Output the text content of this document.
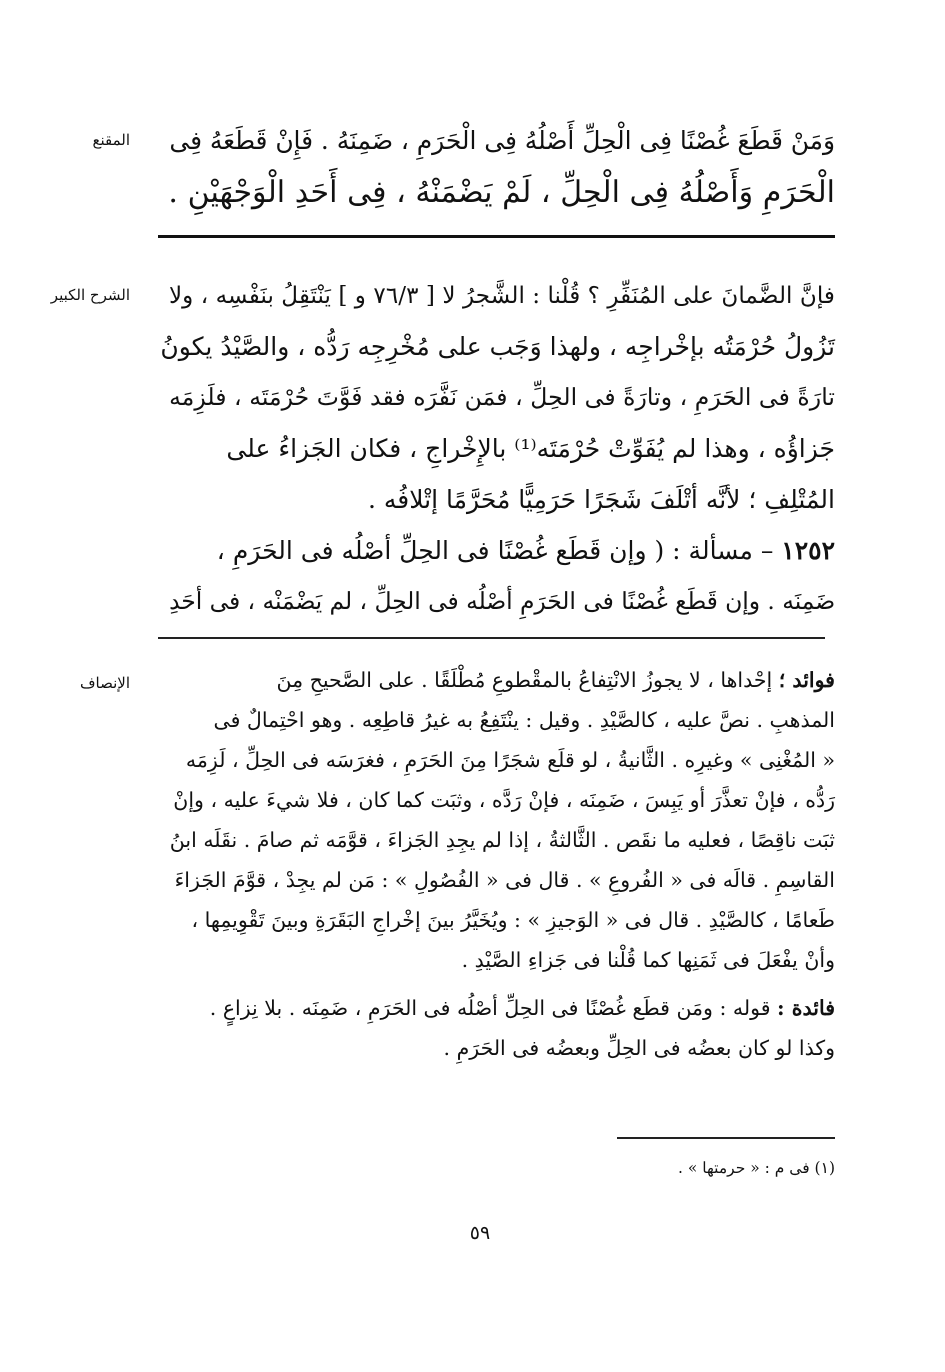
المقنع	وَمَنْ قَطَعَ غُصْنًا فِى الْحِلِّ أَصْلُهُ فِى الْحَرَمِ ، ضَمِنَهُ . فَإِنْ قَطَعَهُ فِى
الْحَرَمِ وَأَصْلُهُ فِى الْحِلِّ ، لَمْ يَضْمَنْهُ ، فِى أَحَدِ الْوَجْهَيْنِ .
الشرح الكبير	فإنَّ الضَّمانَ على المُنَفِّرِ ؟ قُلْنا : الشَّجرُ لا [ ٧٦/٣ و ] يَنْتَقِلُ بنَفْسِه ، ولا
تَزُولُ حُرْمَتُه بإخْراجِه ، ولهذا وَجَب على مُخْرِجِه رَدُّه ، والصَّيْدُ يكونُ
تارَةً فى الحَرَمِ ، وتارَةً فى الحِلِّ ، فمَن نَفَّرَه فقد فَوَّتَ حُرْمَتَه ، فلَزِمَه
جَزاؤُه ، وهذا لم يُفَوِّتْ حُرْمَتَه⁽¹⁾ بالإِخْراجِ ، فكان الجَزاءُ على
المُتْلِفِ ؛ لأنَّه أتْلَفَ شَجَرًا حَرَمِيًّا مُحَرَّمًا إتْلافُه .
١٢٥٢ – مسألة : ( وإن قَطَع غُصْنًا فى الحِلِّ أصْلُه فى الحَرَمِ ،
ضَمِنَه . وإن قَطَع غُصْنًا فى الحَرَمِ أصْلُه فى الحِلِّ ، لم يَضْمَنْه ، فى أحَدِ
الإنصاف	فوائد ؛ إحْداها ، لا يجوزُ الانْتِفاعُ بالمقْطوعِ مُطْلَقًا . على الصَّحيحِ مِنَ
المذهبِ . نصَّ عليه ، كالصَّيْدِ . وقيل : ينْتَفِعُ به غيرُ قاطِعِه . وهو احْتِمالٌ فى
« المُغْنِى » وغيرِه . الثَّانيةُ ، لو قلَع شجَرًا مِنَ الحَرَمِ ، فغرَسَه فى الحِلِّ ، لَزِمَه
رَدُّه ، فإنْ تعذَّرَ أو يَبِسَ ، ضَمِنَه ، فإنْ رَدَّه ، وثبَت كما كان ، فلا شيءَ عليه ، وإنْ
ثبَت ناقِصًا ، فعليه ما نقَص . الثَّالثةُ ، إذا لم يجِدِ الجَزاءَ ، قوَّمَه ثم صامَ . نقَلَه ابنُ
القاسِمِ . قالَه فى « الفُروعِ » . قال فى « الفُصُولِ » : مَن لم يجِدْ ، قوَّمَ الجَزاءَ
طَعامًا ، كالصَّيْدِ . قال فى « الوَجيزِ » : ويُخَيَّرُ بينَ إخْراجِ البَقَرَةِ وبينَ تَقْوِيمِها ،
وأنْ يفْعَلَ فى ثَمَنِها كما قُلْنا فى جَزاءِ الصَّيْدِ .
فائدة : قوله : ومَن قطَع غُصْنًا فى الحِلِّ أصْلُه فى الحَرَمِ ، ضَمِنَه . بلا نِزاعٍ .
وكذا لو كان بعضُه فى الحِلِّ وبعضُه فى الحَرَمِ .
(١) فى م : « حرمتها » .
٥٩
